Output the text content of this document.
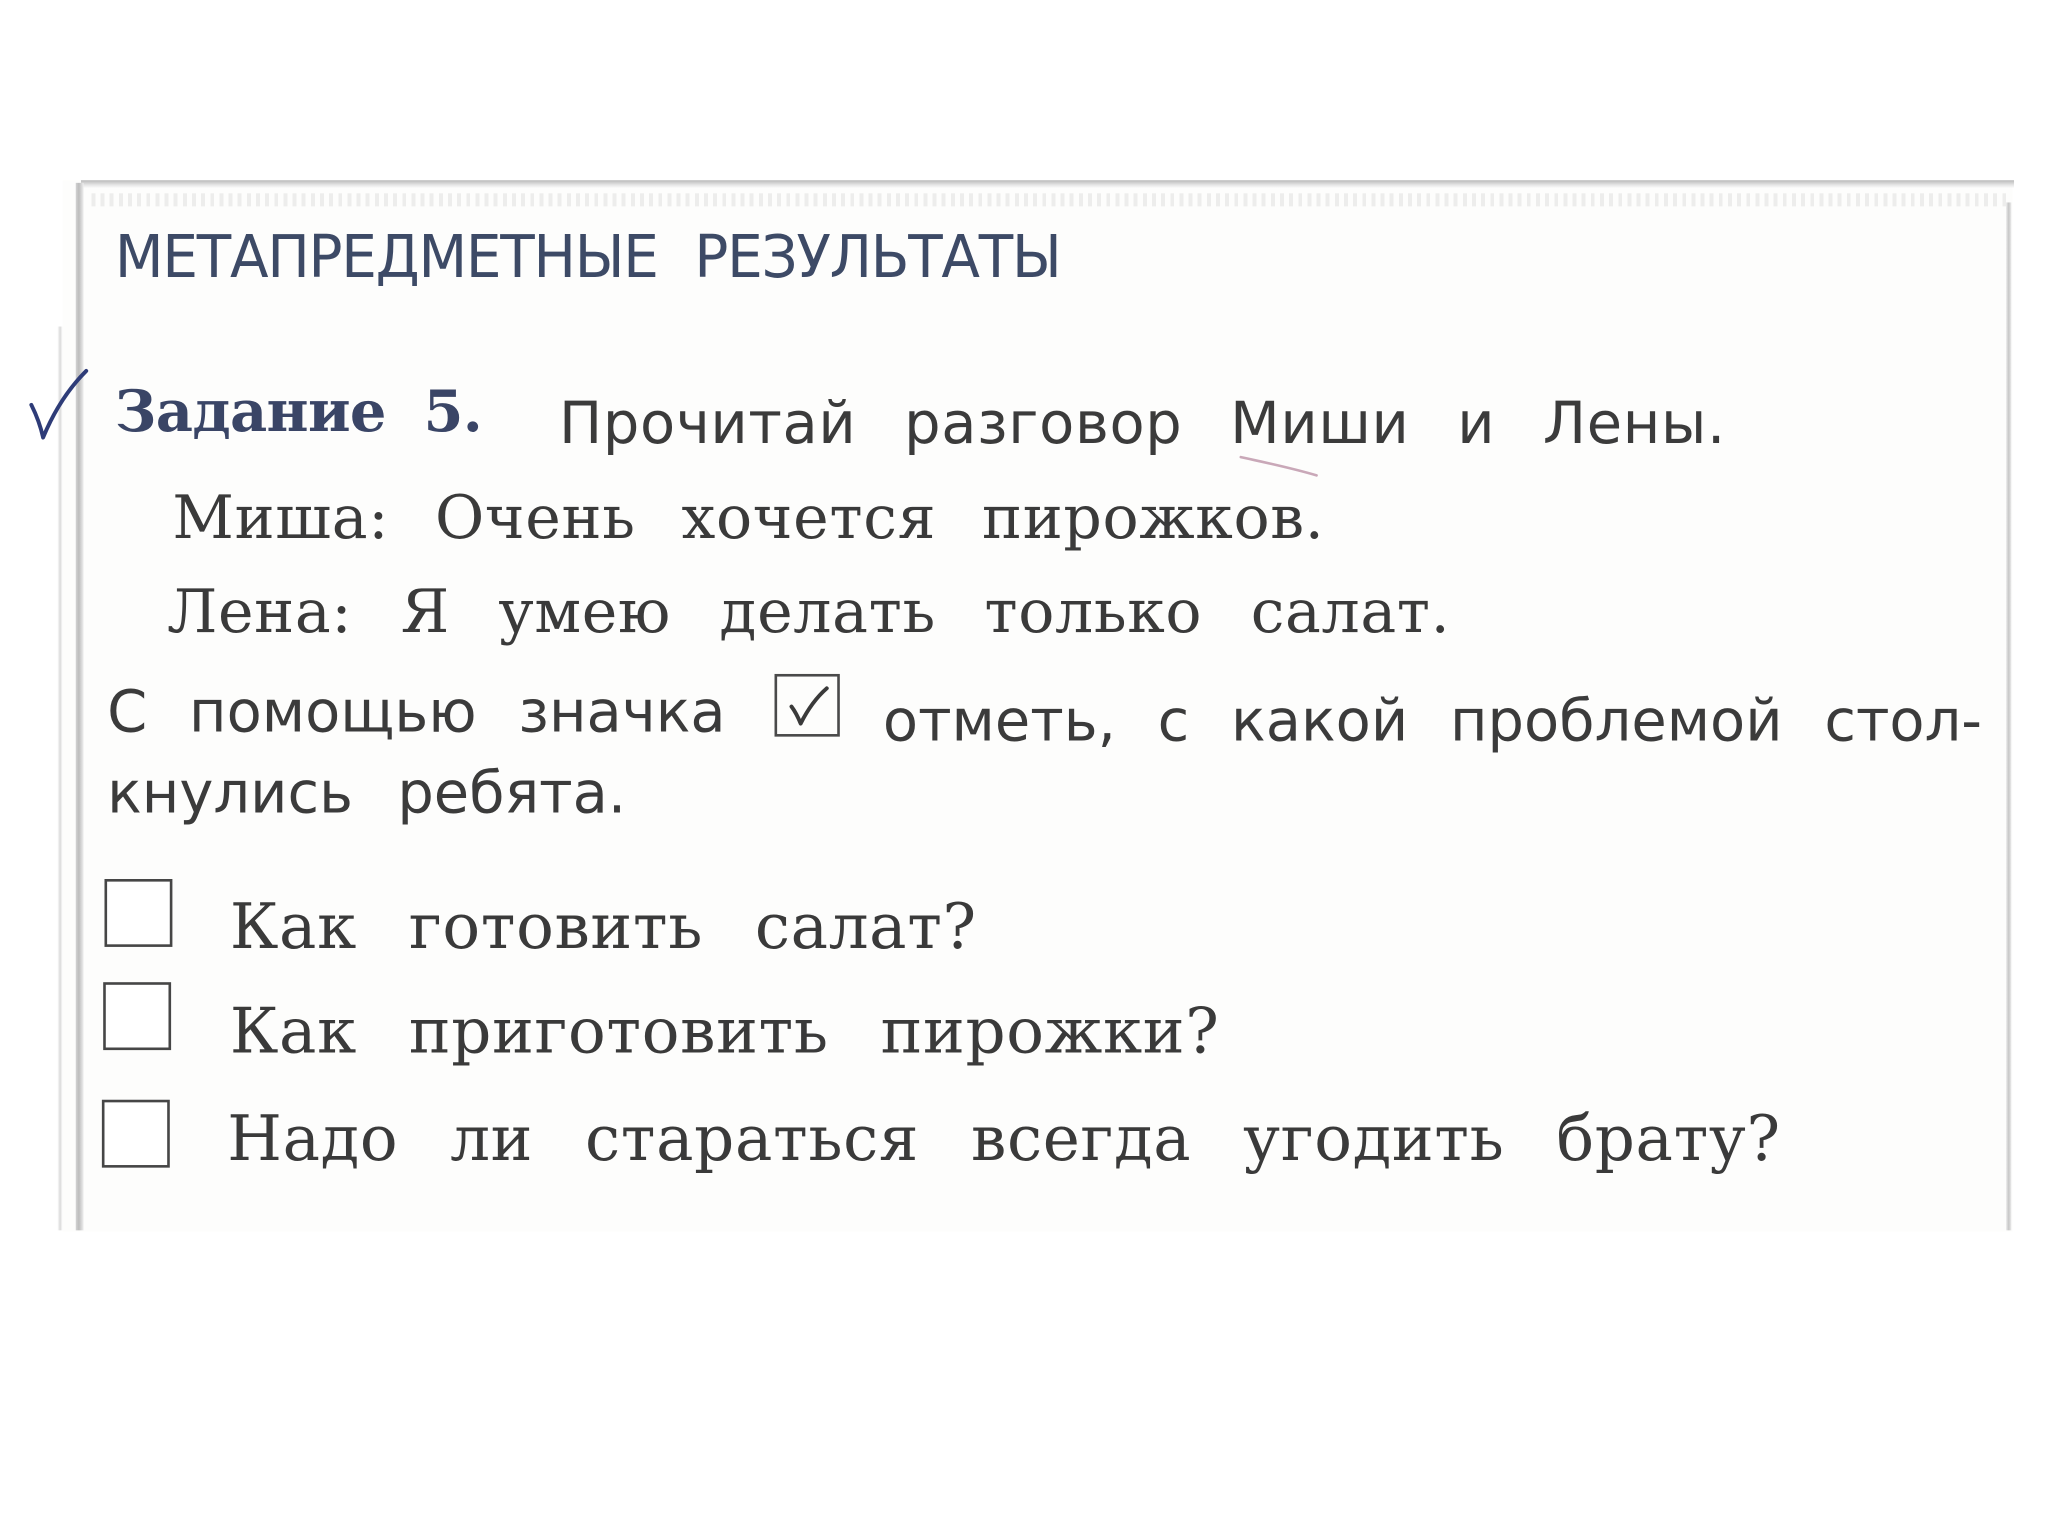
МЕТАПРЕДМЕТНЫЕ РЕЗУЛЬТАТЫ

Задание 5. Прочитай разговор Миши и Лены.

Миша: Очень хочется пирожков.

Лена: Я умею делать только салат.

С помощью значка	отметь, с какой проблемой стол-

кнулись ребята.

Как готовить салат?

Как приготовить пирожки?

Надо ли стараться всегда угодить брату?
